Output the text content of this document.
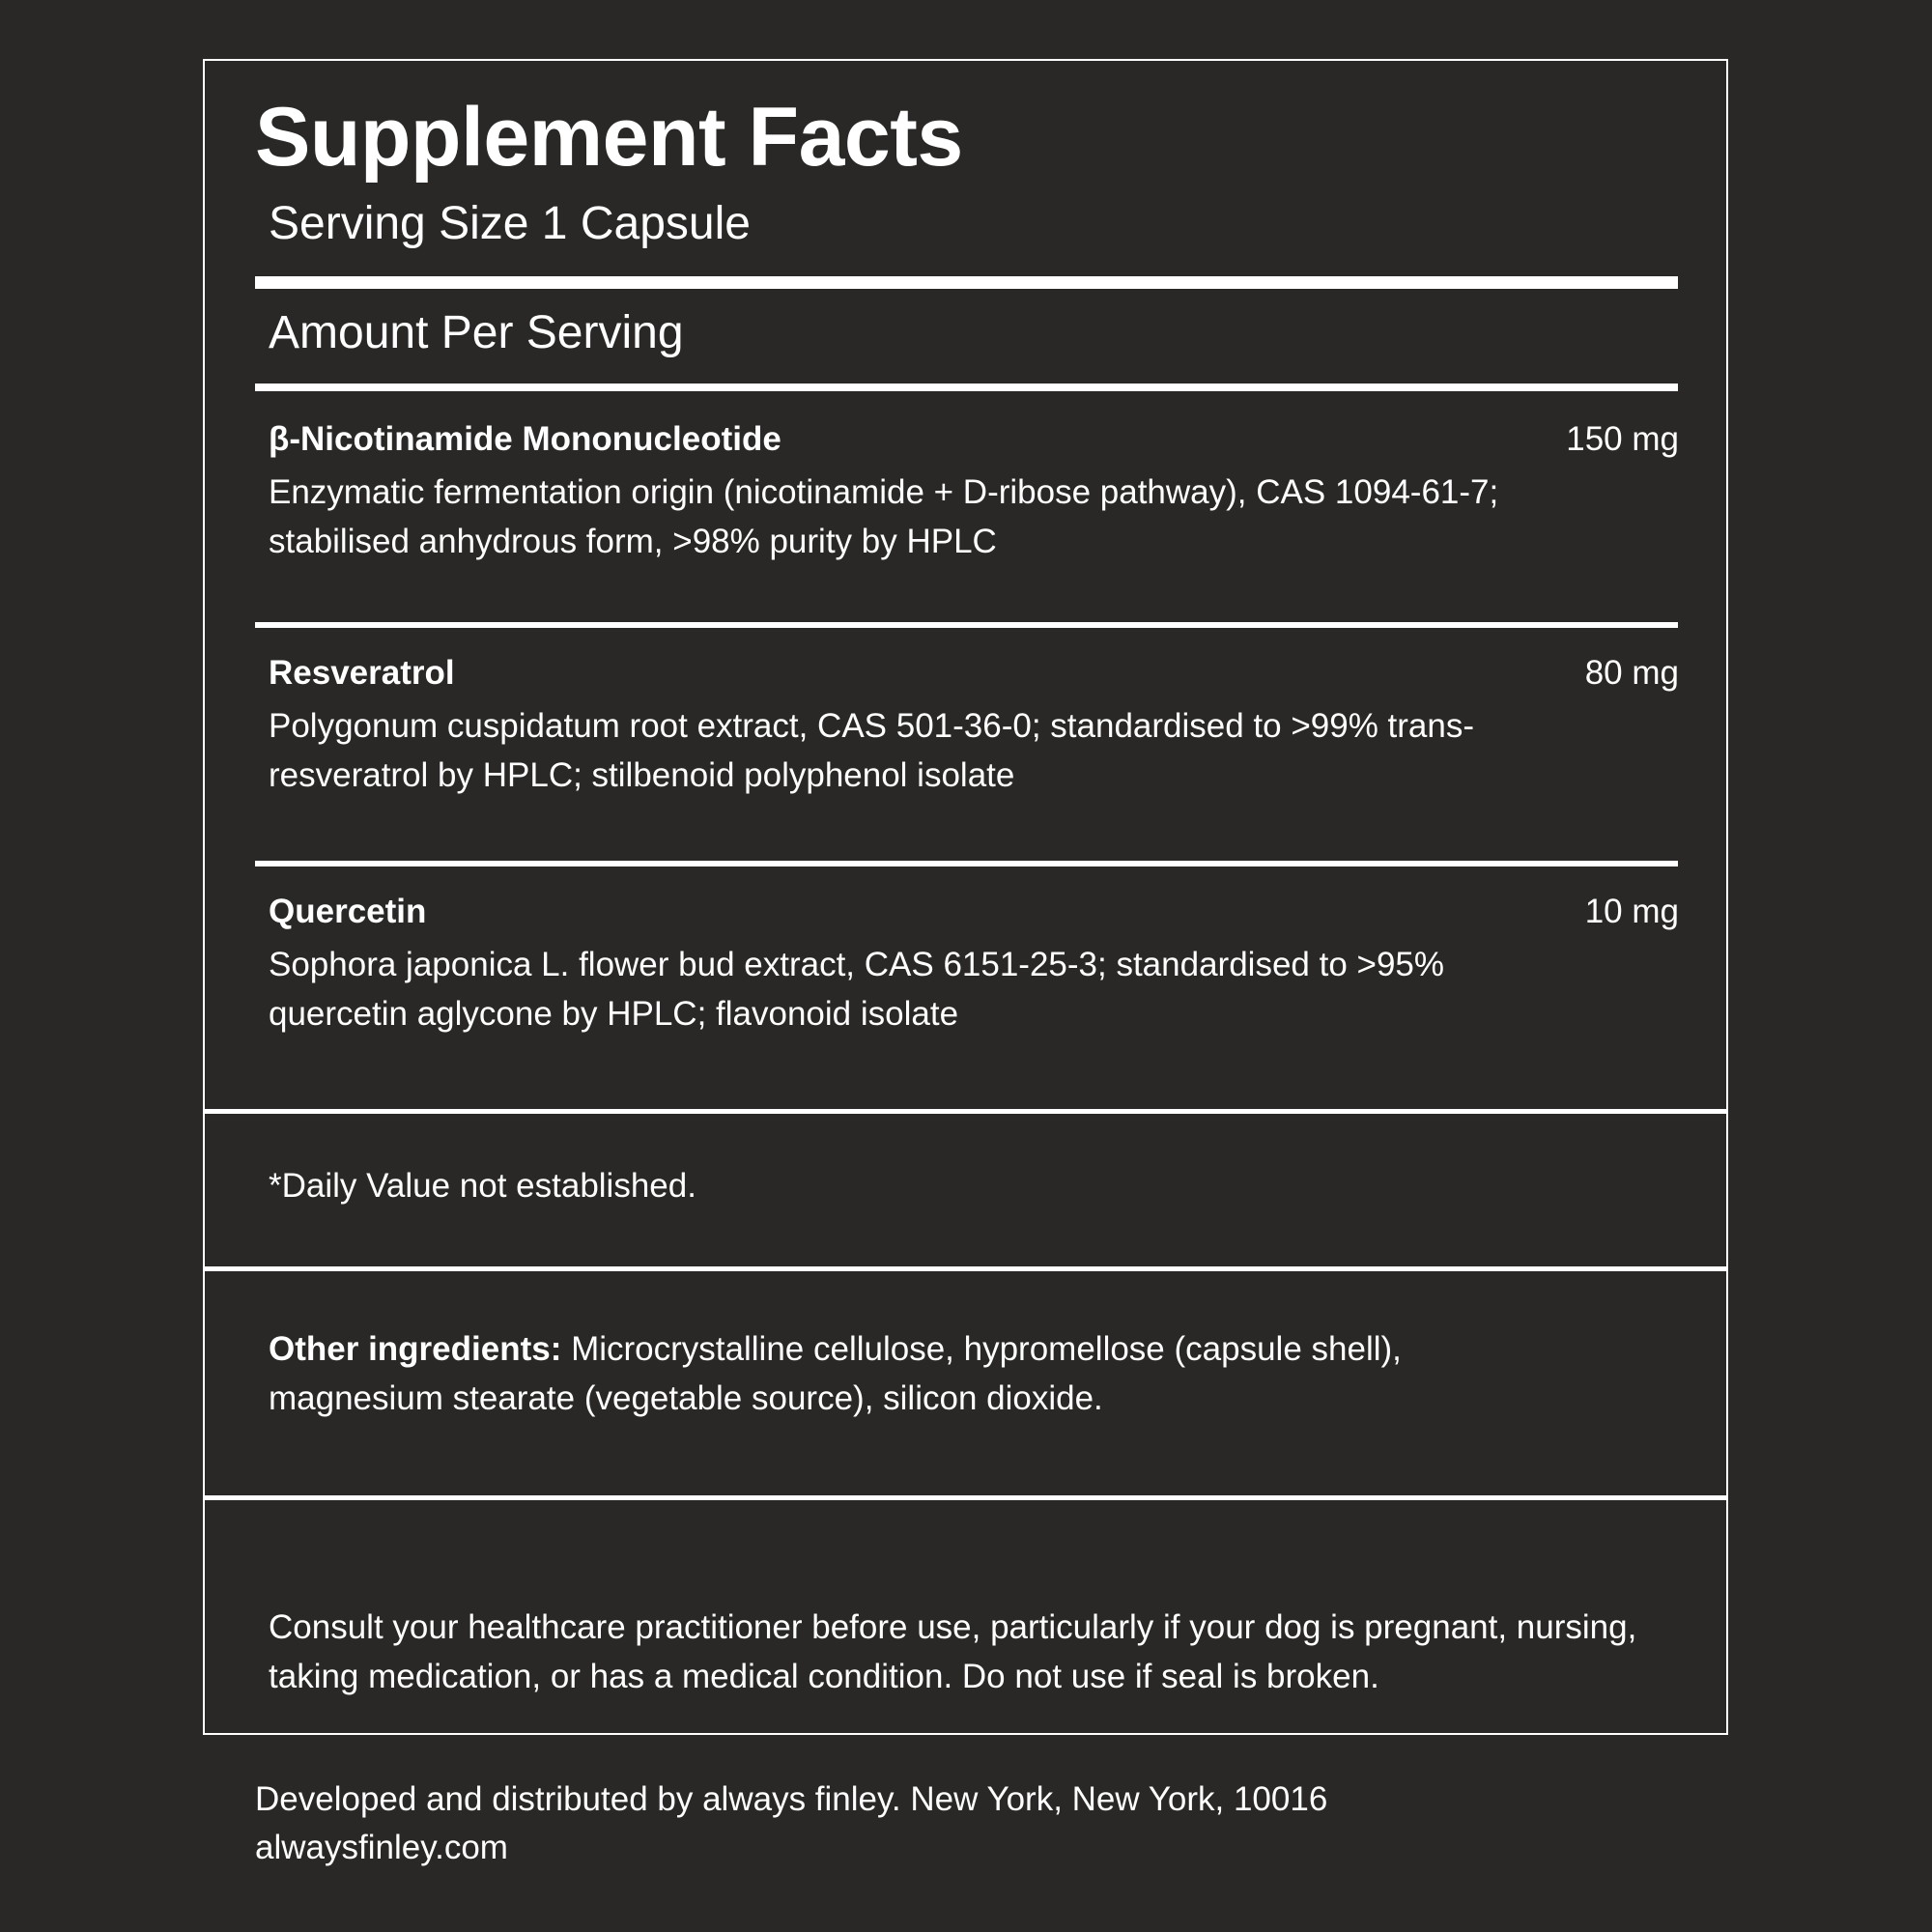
Supplement Facts
Serving Size 1 Capsule
Amount Per Serving
β-Nicotinamide Mononucleotide	150 mg
Enzymatic fermentation origin (nicotinamide + D-ribose pathway), CAS 1094-61-7; stabilised anhydrous form, >98% purity by HPLC
Resveratrol	80 mg
Polygonum cuspidatum root extract, CAS 501-36-0; standardised to >99% trans-resveratrol by HPLC; stilbenoid polyphenol isolate
Quercetin	10 mg
Sophora japonica L. flower bud extract, CAS 6151-25-3; standardised to >95% quercetin aglycone by HPLC; flavonoid isolate
*Daily Value not established.
Other ingredients: Microcrystalline cellulose, hypromellose (capsule shell), magnesium stearate (vegetable source), silicon dioxide.
Consult your healthcare practitioner before use, particularly if your dog is pregnant, nursing, taking medication, or has a medical condition. Do not use if seal is broken.
Developed and distributed by always finley. New York, New York, 10016
alwaysfinley.com
